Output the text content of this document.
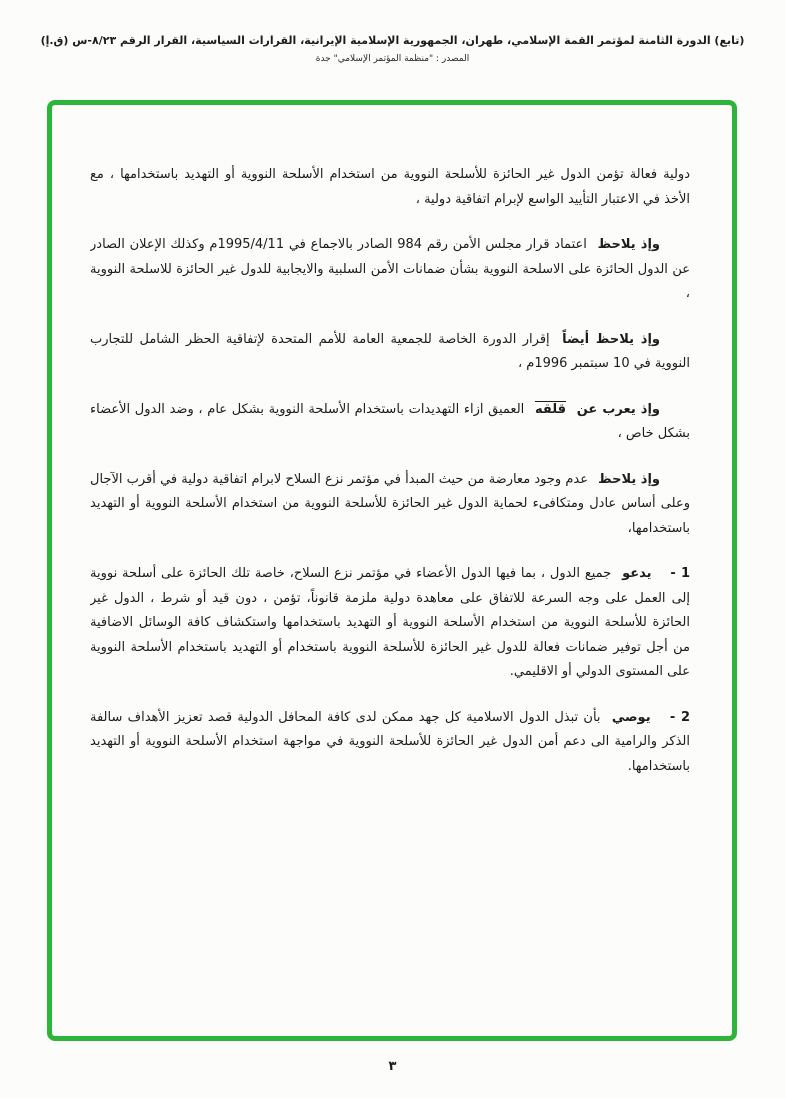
(تابع) الدورة الثامنة لمؤتمر القمة الإسلامي، طهران، الجمهورية الإسلامية الإيرانية، القرارات السياسية، القرار الرقم ٨/٢٣-س (ق.إ)
المصدر : "منظمة المؤتمر الإسلامي" جدة

دولية فعالة تؤمن الدول غير الحائزة للأسلحة النووية من استخدام الأسلحة النووية أو التهديد باستخدامها ، مع الأخذ في الاعتبار التأييد الواسع لإبرام اتفاقية دولية ،

وإذ يلاحظ اعتماد قرار مجلس الأمن رقم 984 الصادر بالاجماع في 1995/4/11م وكذلك الإعلان الصادر عن الدول الحائزة على الاسلحة النووية بشأن ضمانات الأمن السلبية والايجابية للدول غير الحائزة للاسلحة النووية ،

وإذ يلاحظ أيضاً إقرار الدورة الخاصة للجمعية العامة للأمم المتحدة لإتفاقية الحظر الشامل للتجارب النووية في 10 سبتمبر 1996م ،

وإذ يعرب عن قلقه العميق ازاء التهديدات باستخدام الأسلحة النووية بشكل عام ، وضد الدول الأعضاء بشكل خاص ،

وإذ يلاحظ عدم وجود معارضة من حيث المبدأ في مؤتمر نزع السلاح لابرام اتفاقية دولية في أقرب الآجال وعلى أساس عادل ومتكافىء لحماية الدول غير الحائزة للأسلحة النووية من استخدام الأسلحة النووية أو التهديد باستخدامها،

1 - يدعو جميع الدول ، بما فيها الدول الأعضاء في مؤتمر نزع السلاح، خاصة تلك الحائزة على أسلحة نووية إلى العمل على وجه السرعة للاتفاق على معاهدة دولية ملزمة قانوناً، تؤمن ، دون قيد أو شرط ، الدول غير الحائزة للأسلحة النووية من استخدام الأسلحة النووية أو التهديد باستخدامها واستكشاف كافة الوسائل الاضافية من أجل توفير ضمانات فعالة للدول غير الحائزة للأسلحة النووية باستخدام أو التهديد باستخدام الأسلحة النووية على المستوى الدولي أو الاقليمي.

2 - يوصي بأن تبذل الدول الاسلامية كل جهد ممكن لدى كافة المحافل الدولية قصد تعزيز الأهداف سالفة الذكر والرامية الى دعم أمن الدول غير الحائزة للأسلحة النووية في مواجهة استخدام الأسلحة النووية أو التهديد باستخدامها.

٣
